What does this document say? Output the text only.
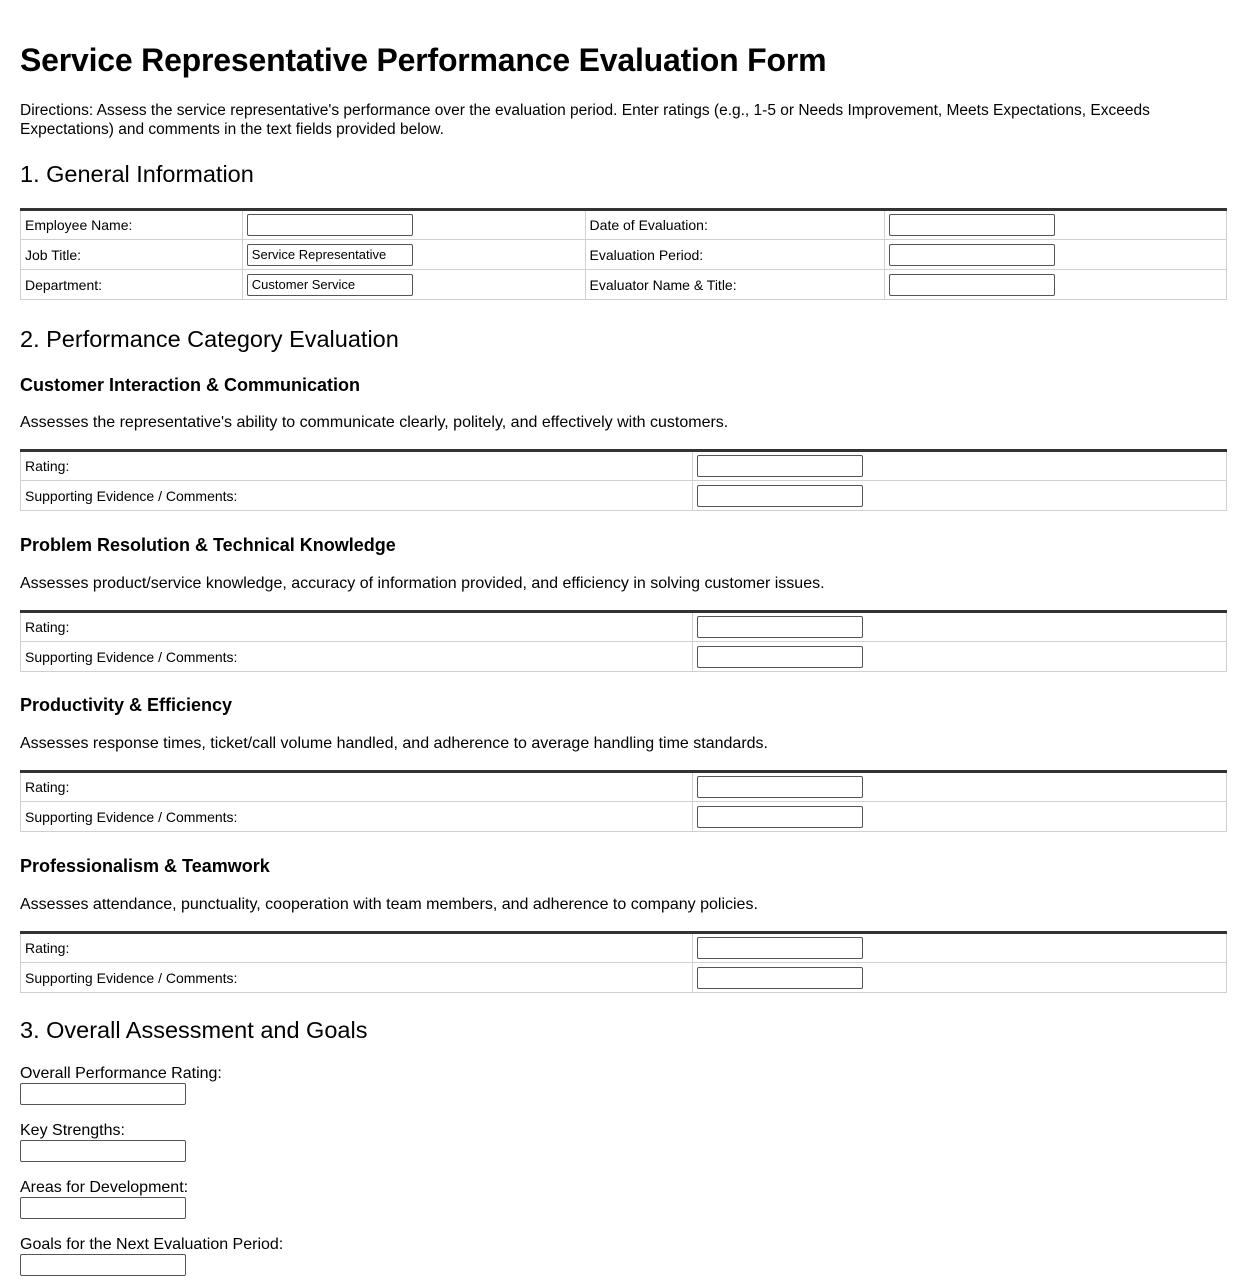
Service Representative Performance Evaluation Form

Directions: Assess the service representative's performance over the evaluation period. Enter ratings (e.g., 1-5 or Needs Improvement, Meets Expectations, Exceeds Expectations) and comments in the text fields provided below.

1. General Information
Employee Name:		Date of Evaluation:	
Job Title:	Service Representative	Evaluation Period:	
Department:	Customer Service	Evaluator Name & Title:	
2. Performance Category Evaluation
Customer Interaction & Communication

Assesses the representative's ability to communicate clearly, politely, and effectively with customers.

Rating:	
Supporting Evidence / Comments:	
Problem Resolution & Technical Knowledge

Assesses product/service knowledge, accuracy of information provided, and efficiency in solving customer issues.

Rating:	
Supporting Evidence / Comments:	
Productivity & Efficiency

Assesses response times, ticket/call volume handled, and adherence to average handling time standards.

Rating:	
Supporting Evidence / Comments:	
Professionalism & Teamwork

Assesses attendance, punctuality, cooperation with team members, and adherence to company policies.

Rating:	
Supporting Evidence / Comments:	
3. Overall Assessment and Goals

Overall Performance Rating:

Key Strengths:

Areas for Development:

Goals for the Next Evaluation Period:
